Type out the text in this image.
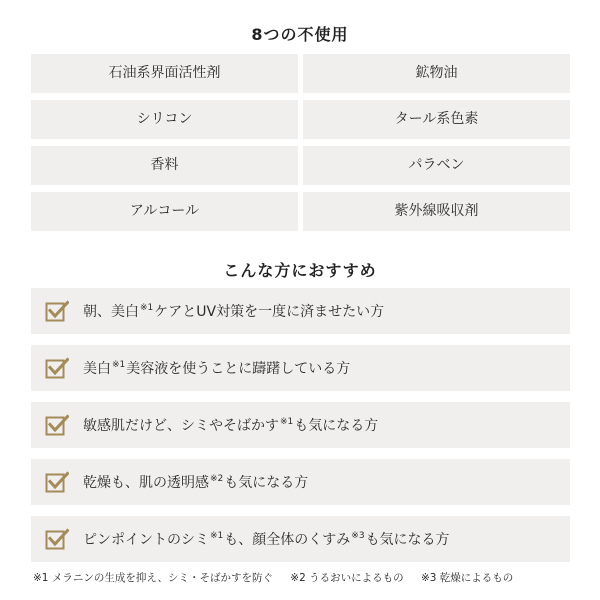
8つの不使用
石油系界面活性剤	鉱物油
シリコン	タール系色素
香料	パラベン
アルコール	紫外線吸収剤
こんな方におすすめ
朝、美白$^{※1}$ケアとUV対策を一度に済ませたい方
美白$^{※1}$美容液を使うことに躊躇している方
敏感肌だけど、シミやそばかす$^{※1}$も気になる方
乾燥も、肌の透明感$^{※2}$も気になる方
ピンポイントのシミ$^{※1}$も、顔全体のくすみ$^{※3}$も気になる方
※1 メラニンの生成を抑え、シミ・そばかすを防ぐ ※2 うるおいによるもの ※3 乾燥によるもの
